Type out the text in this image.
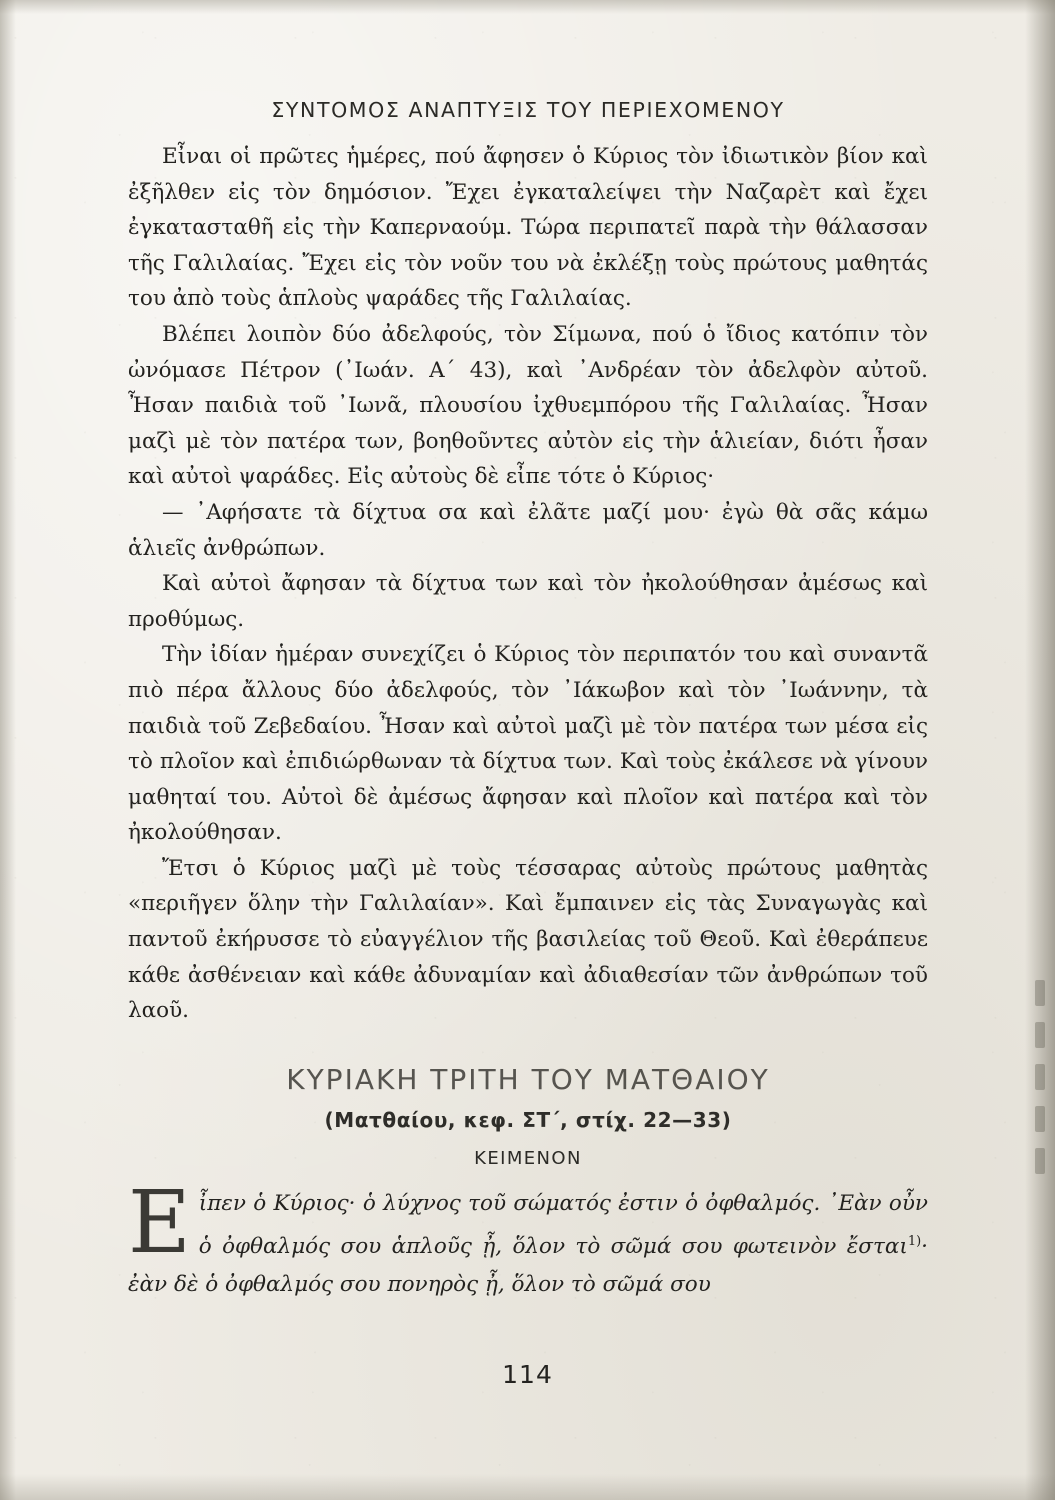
ΣΥΝΤΟΜΟΣ ΑΝΑΠΤΥΞΙΣ ΤΟΥ ΠΕΡΙΕΧΟΜΕΝΟΥ

Εἶναι οἱ πρῶτες ἡμέρες, πού ἄφησεν ὁ Κύριος τὸν ἰδιωτικὸν βίον καὶ ἐξῆλθεν εἰς τὸν δημόσιον. Ἔχει ἐγκαταλείψει τὴν Ναζαρὲτ καὶ ἔχει ἐγκατασταθῆ εἰς τὴν Καπερναούμ. Τώρα περιπατεῖ παρὰ τὴν θάλασσαν τῆς Γαλιλαίας. Ἔχει εἰς τὸν νοῦν του νὰ ἐκλέξῃ τοὺς πρώτους μαθητάς του ἀπὸ τοὺς ἁπλοὺς ψαράδες τῆς Γαλιλαίας.

Βλέπει λοιπὸν δύο ἀδελφούς, τὸν Σίμωνα, πού ὁ ἴδιος κατόπιν τὸν ὠνόμασε Πέτρον (᾽Ιωάν. Α΄ 43), καὶ ᾽Ανδρέαν τὸν ἀδελφὸν αὐτοῦ. Ἦσαν παιδιὰ τοῦ ᾽Ιωνᾶ, πλουσίου ἰχθυεμπόρου τῆς Γαλιλαίας. Ἦσαν μαζὶ μὲ τὸν πατέρα των, βοηθοῦντες αὐτὸν εἰς τὴν ἁλιείαν, διότι ἦσαν καὶ αὐτοὶ ψαράδες. Εἰς αὐτοὺς δὲ εἶπε τότε ὁ Κύριος·

— ᾽Αφήσατε τὰ δίχτυα σα καὶ ἐλᾶτε μαζί μου· ἐγὼ θὰ σᾶς κάμω ἁλιεῖς ἀνθρώπων.

Καὶ αὐτοὶ ἄφησαν τὰ δίχτυα των καὶ τὸν ἠκολούθησαν ἀμέσως καὶ προθύμως.

Τὴν ἰδίαν ἡμέραν συνεχίζει ὁ Κύριος τὸν περιπατόν του καὶ συναντᾶ πιὸ πέρα ἄλλους δύο ἀδελφούς, τὸν ᾽Ιάκωβον καὶ τὸν ᾽Ιωάννην, τὰ παιδιὰ τοῦ Ζεβεδαίου. Ἦσαν καὶ αὐτοὶ μαζὶ μὲ τὸν πατέρα των μέσα εἰς τὸ πλοῖον καὶ ἐπιδιώρθωναν τὰ δίχτυα των. Καὶ τοὺς ἐκάλεσε νὰ γίνουν μαθηταί του. Αὐτοὶ δὲ ἀμέσως ἄφησαν καὶ πλοῖον καὶ πατέρα καὶ τὸν ἠκολούθησαν.

Ἔτσι ὁ Κύριος μαζὶ μὲ τοὺς τέσσαρας αὐτοὺς πρώτους μαθητὰς «περιῆγεν ὅλην τὴν Γαλιλαίαν». Καὶ ἔμπαινεν εἰς τὰς Συναγωγὰς καὶ παντοῦ ἐκήρυσσε τὸ εὐαγγέλιον τῆς βασιλείας τοῦ Θεοῦ. Καὶ ἐθεράπευε κάθε ἀσθένειαν καὶ κάθε ἀδυναμίαν καὶ ἀδιαθεσίαν τῶν ἀνθρώπων τοῦ λαοῦ.

ΚΥΡΙΑΚΗ ΤΡΙΤΗ ΤΟΥ ΜΑΤΘΑΙΟΥ
(Ματθαίου, κεφ. ΣΤ΄, στίχ. 22—33)
ΚΕΙΜΕΝΟΝ
Εἶπεν ὁ Κύριος· ὁ λύχνος τοῦ σώματός ἐστιν ὁ ὀφθαλμός. ᾽Εὰν οὖν ὁ ὀφθαλμός σου ἁπλοῦς ᾖ, ὅλον τὸ σῶμά σου φωτεινὸν ἔσται$^{1)}$· ἐὰν δὲ ὁ ὀφθαλμός σου πονηρὸς ᾖ, ὅλον τὸ σῶμά σου
114
